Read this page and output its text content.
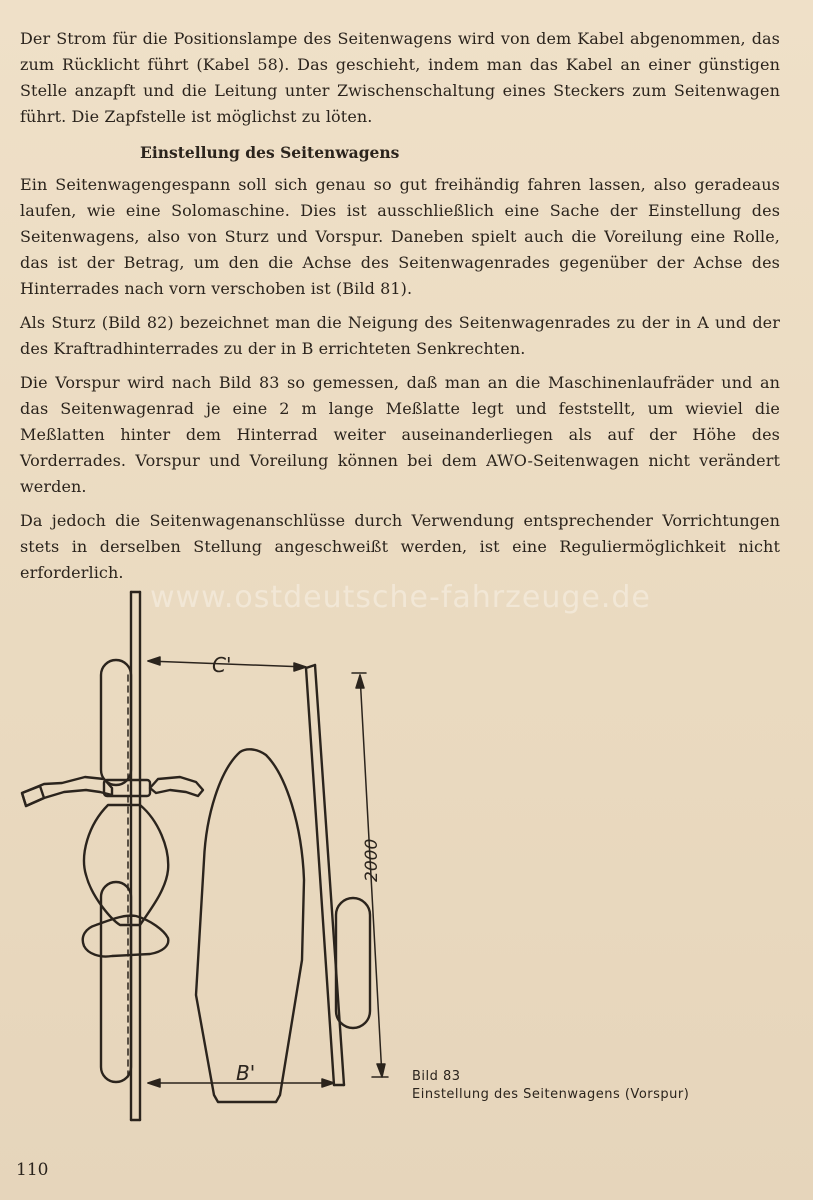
Der Strom für die Positionslampe des Seitenwagens wird von dem Kabel abgenommen, das zum Rücklicht führt (Kabel 58). Das geschieht, indem man das Kabel an einer günstigen Stelle anzapft und die Leitung unter Zwischenschaltung eines Steckers zum Seitenwagen führt. Die Zapfstelle ist möglichst zu löten.

Einstellung des Seitenwagens

Ein Seitenwagengespann soll sich genau so gut freihändig fahren lassen, also geradeaus laufen, wie eine Solomaschine. Dies ist ausschließlich eine Sache der Einstellung des Seitenwagens, also von Sturz und Vorspur. Daneben spielt auch die Voreilung eine Rolle, das ist der Betrag, um den die Achse des Seitenwagenrades gegenüber der Achse des Hinterrades nach vorn verschoben ist (Bild 81).

Als Sturz (Bild 82) bezeichnet man die Neigung des Seitenwagenrades zu der in A und der des Kraftradhinterrades zu der in B errichteten Senkrechten.

Die Vorspur wird nach Bild 83 so gemessen, daß man an die Maschinenlaufräder und an das Seitenwagenrad je eine 2 m lange Meßlatte legt und feststellt, um wieviel die Meßlatten hinter dem Hinterrad weiter auseinanderliegen als auf der Höhe des Vorderrades. Vorspur und Voreilung können bei dem AWO-Seitenwagen nicht verändert werden.

Da jedoch die Seitenwagenanschlüsse durch Verwendung entsprechender Vorrichtungen stets in derselben Stellung angeschweißt werden, ist eine Reguliermöglichkeit nicht erforderlich.

www.ostdeutsche-fahrzeuge.de
C'
B'
2000
Bild 83
Einstellung des Seitenwagens (Vorspur)
110
